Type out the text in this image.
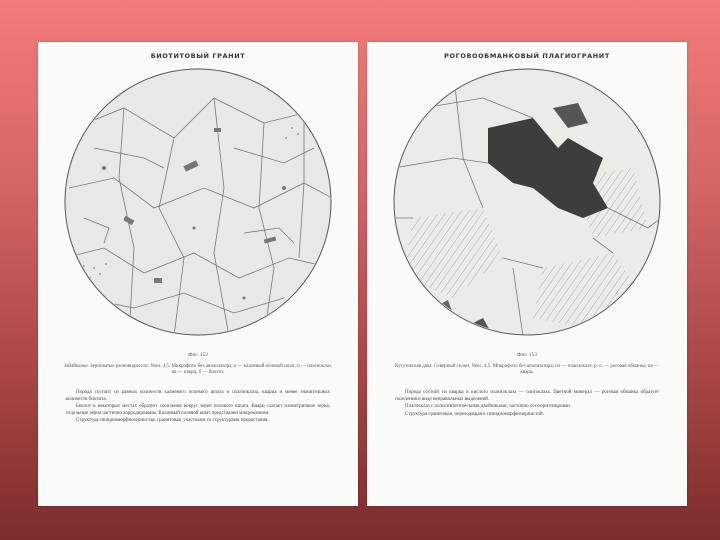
БИОТИТОВЫЙ ГРАНИТ
Фиг. 152
Забайкалье. Зерноватые разновидности. Увел. 4,5. Микрофото без анализатора; к — калиевый полевой шпат, п — плагиоклаз, кв — кварц, б — биотит.

Порода состоит из равных количеств калиевого полевого шпата и плагиоклаза, кварца и менее значительных количеств биотита.

Биотит в некоторых местах образует скопления вокруг зерен полевого шпата. Кварц слагает изометричные зерна, отдельные зерна частично корродированы. Калиевый полевой шпат представлен микроклином.

Структура гипидиоморфнозернистая, гранитовая, участками со структурами прорастания.

РОГОВООБМАНКОВЫЙ ПЛАГИОГРАНИТ
Фиг. 153
Кутузовская дача. Северный склон, Увел. 4,5. Микрофото без анализатора; пл — плагиоклаз, р. о. — роговая обманка, кв — кварц.

Порода состоит из кварца и кислого плагиоклаза — олигоклаза. Цветной минерал — роговая обманка образует скопления в виде неправильных выделений.

Плагиоклаз с полисинтетическими двойниками, частично соссюритизирован.

Структура гранитовая, переходящая к гипидиоморфнозернистой.
